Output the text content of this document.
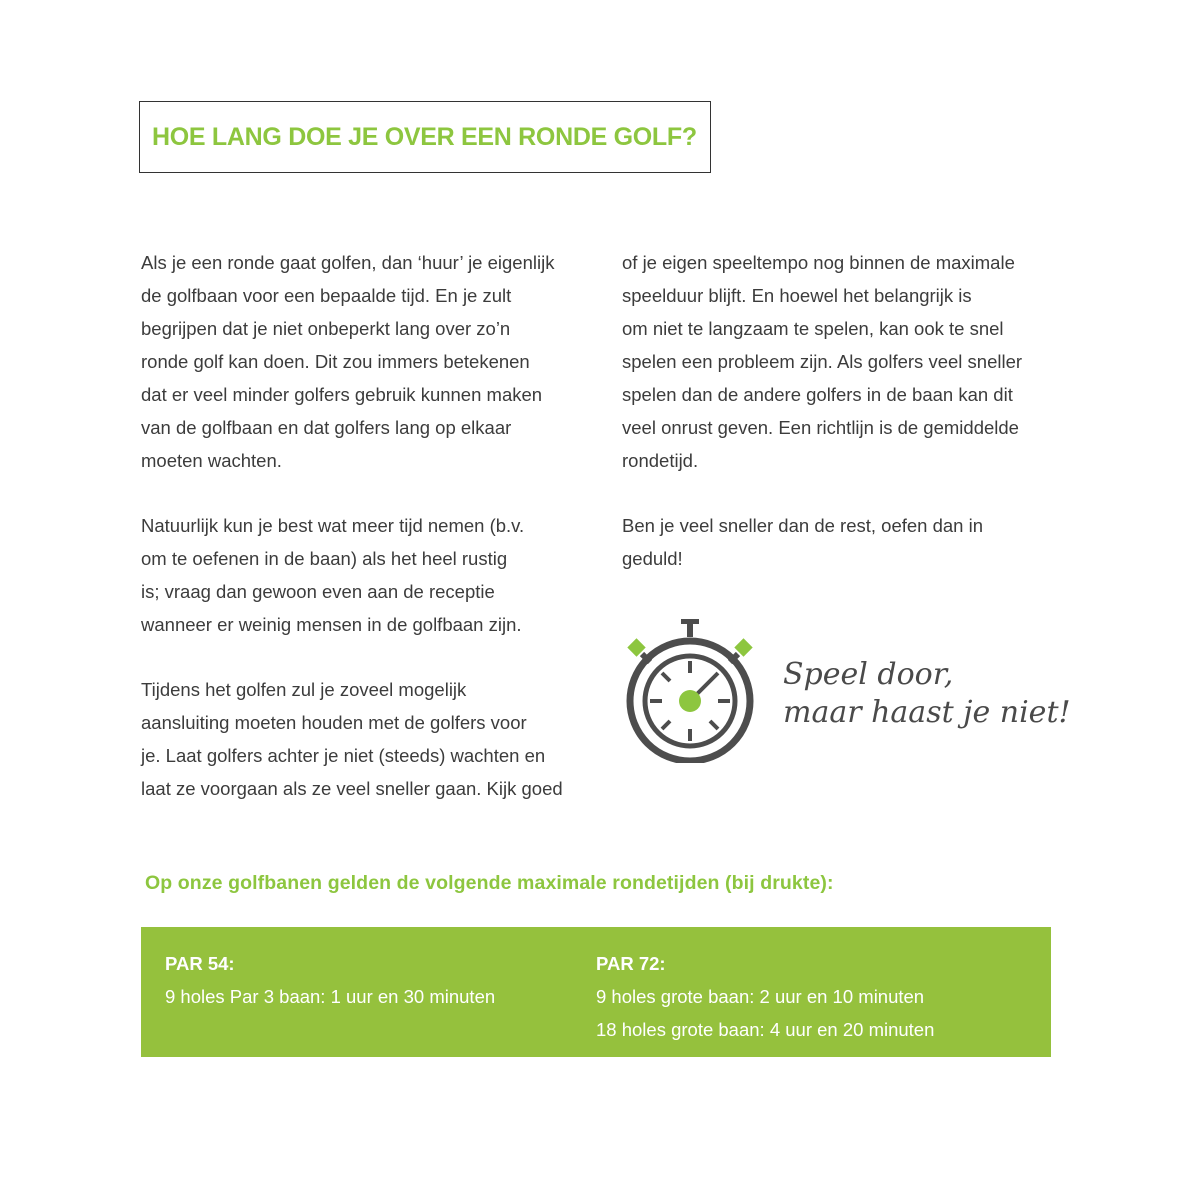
HOE LANG DOE JE OVER EEN RONDE GOLF?

Als je een ronde gaat golfen, dan ‘huur’ je eigenlijk
de golfbaan voor een bepaalde tijd. En je zult
begrijpen dat je niet onbeperkt lang over zo’n
ronde golf kan doen. Dit zou immers betekenen
dat er veel minder golfers gebruik kunnen maken
van de golfbaan en dat golfers lang op elkaar
moeten wachten.

Natuurlijk kun je best wat meer tijd nemen (b.v.
om te oefenen in de baan) als het heel rustig
is; vraag dan gewoon even aan de receptie
wanneer er weinig mensen in de golfbaan zijn.

Tijdens het golfen zul je zoveel mogelijk
aansluiting moeten houden met de golfers voor
je. Laat golfers achter je niet (steeds) wachten en
laat ze voorgaan als ze veel sneller gaan. Kijk goed

of je eigen speeltempo nog binnen de maximale
speelduur blijft. En hoewel het belangrijk is
om niet te langzaam te spelen, kan ook te snel
spelen een probleem zijn. Als golfers veel sneller
spelen dan de andere golfers in de baan kan dit
veel onrust geven. Een richtlijn is de gemiddelde
rondetijd.

Ben je veel sneller dan de rest, oefen dan in
geduld!

Speel door,
maar haast je niet!
Op onze golfbanen gelden de volgende maximale rondetijden (bij drukte):
PAR 54:
9 holes Par 3 baan: 1 uur en 30 minuten
PAR 72:
9 holes grote baan: 2 uur en 10 minuten
18 holes grote baan: 4 uur en 20 minuten
